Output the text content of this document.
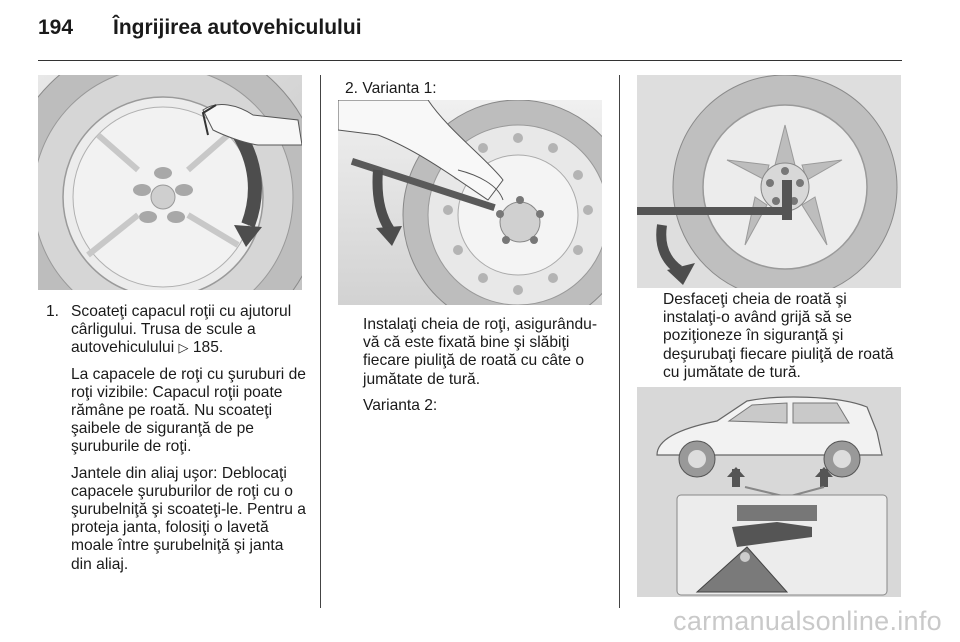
194 Îngrijirea autovehiculului
1. Scoateţi capacul roţii cu ajutorul cârligului. Trusa de scule a autovehiculului ▷ 185.

La capacele de roţi cu şuruburi de roţi vizibile: Capacul roţii poate rămâne pe roată. Nu scoateţi şaibele de siguranţă de pe şuruburile de roţi.

Jantele din aliaj uşor: Deblocaţi capacele şuruburilor de roţi cu o şurubelniţă şi scoateţi-le. Pentru a proteja janta, folosiţi o lavetă moale între şurubelniţă şi janta din aliaj.

2. Varianta 1:

Instalaţi cheia de roţi, asigurându-vă că este fixată bine şi slăbiţi fiecare piuliţă de roată cu câte o jumătate de tură.

Varianta 2:

Desfaceţi cheia de roată şi instalaţi-o având grijă să se poziţioneze în siguranţă şi deşurubaţi fiecare piuliţă de roată cu jumătate de tură.

carmanualsonline.info
